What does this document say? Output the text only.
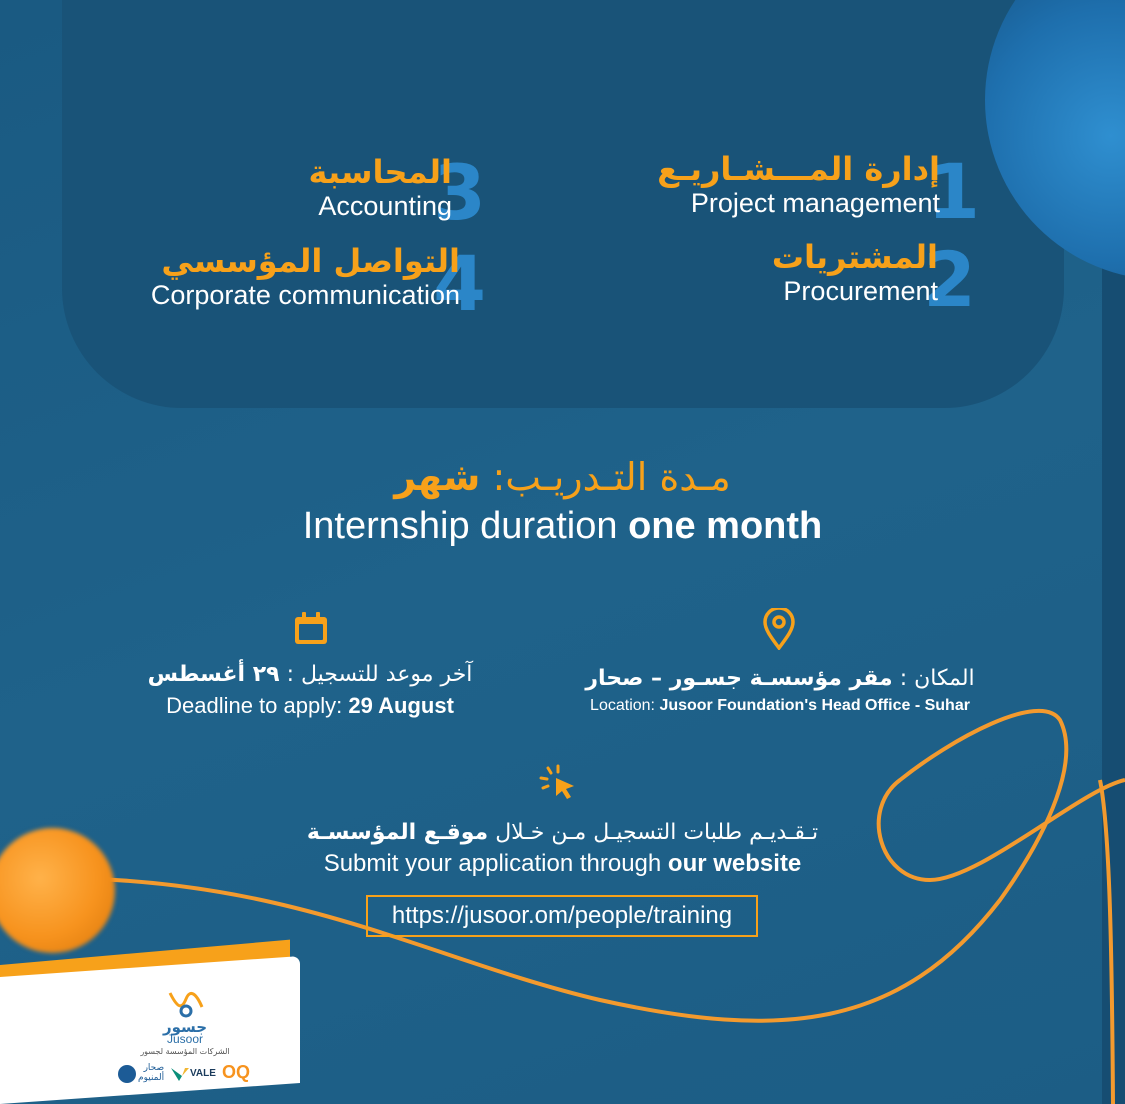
1
إدارة المـــشـاريـع
Project management
2
المشتريات
Procurement
3
المحاسبة
Accounting
4
التواصل المؤسسي
Corporate communication
مـدة التـدريـب: شهر
Internship duration one month
آخر موعد للتسجيل : ٢٩ أغسطس
Deadline to apply: 29 August
المكان : مقر مؤسسـة جسـور – صحار
Location: Jusoor Foundation's Head Office - Suhar
تـقـديـم طلبات التسجيـل مـن خـلال موقـع المؤسسـة
Submit your application through our website
https://jusoor.om/people/training
جسور
Jusoor
الشركات المؤسسة لجسور
صحار
ألمنيوم	VALE OQ
